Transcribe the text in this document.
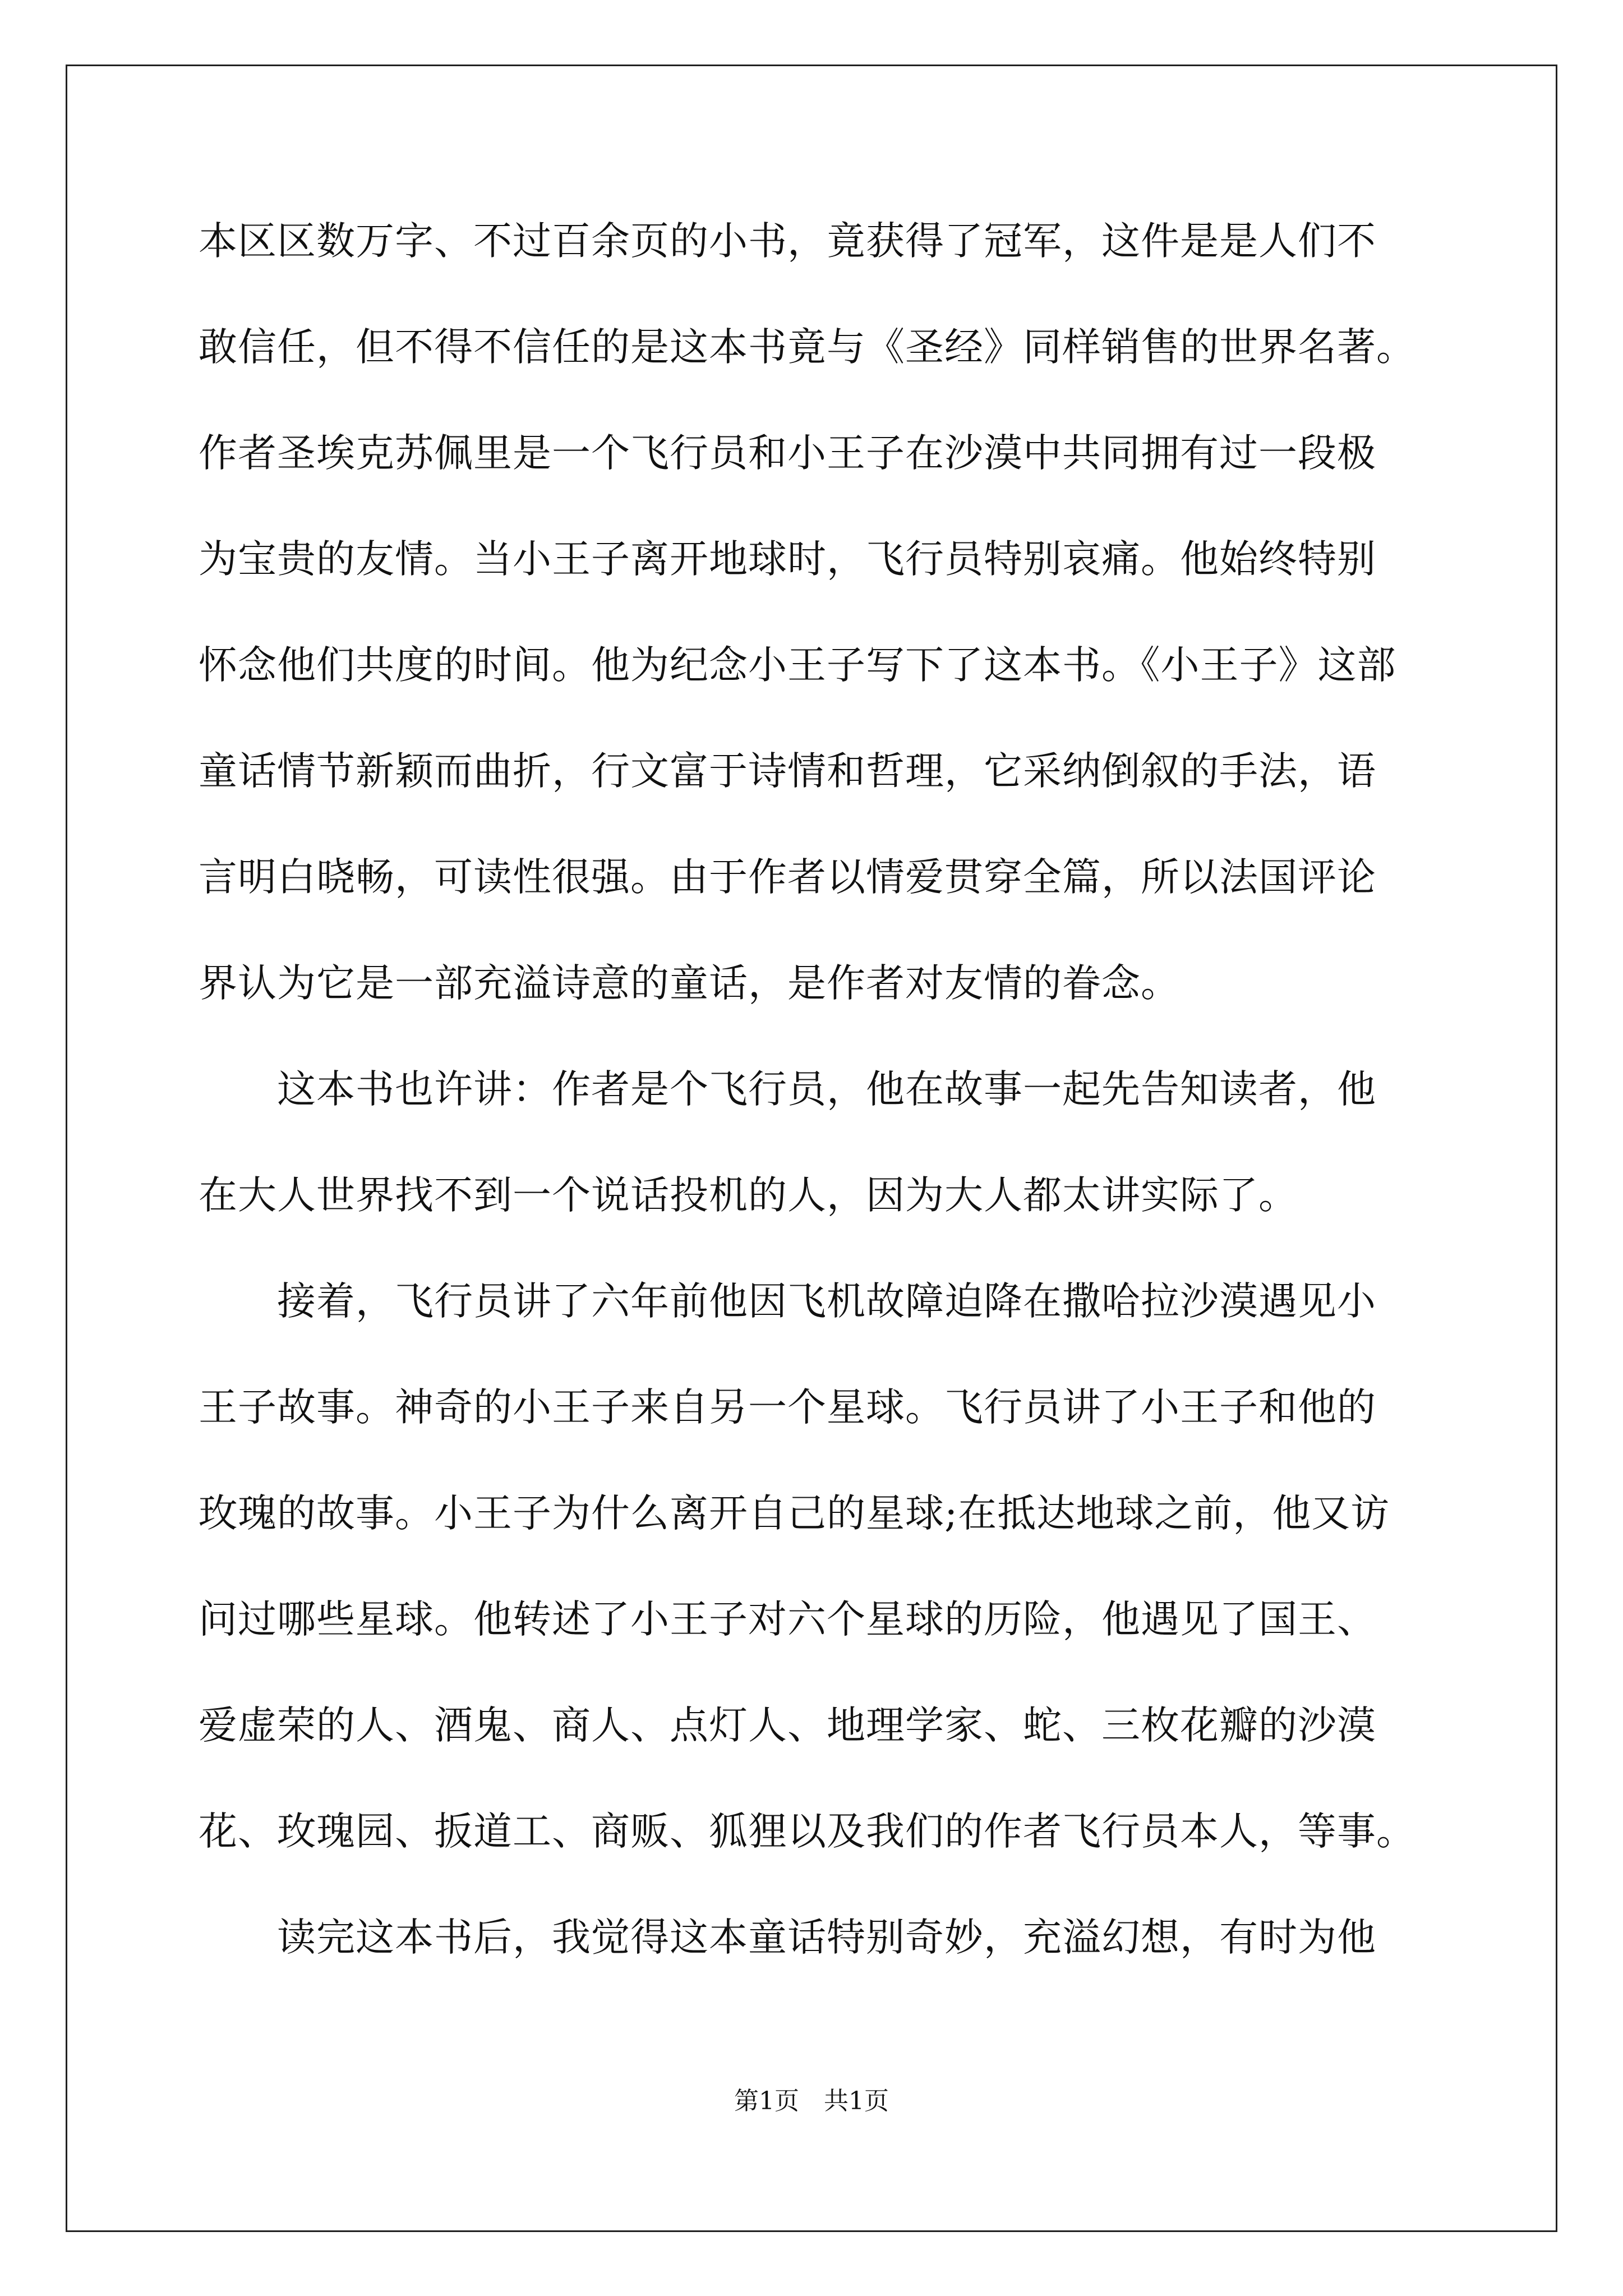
本区区数万字、不过百余页的小书，竟获得了冠军，这件是是人们不
敢信任，但不得不信任的是这本书竟与《圣经》同样销售的世界名著。
作者圣埃克苏佩里是一个飞行员和小王子在沙漠中共同拥有过一段极
为宝贵的友情。当小王子离开地球时，飞行员特别哀痛。他始终特别
怀念他们共度的时间。他为纪念小王子写下了这本书。《小王子》这部
童话情节新颖而曲折，行文富于诗情和哲理，它采纳倒叙的手法，语
言明白晓畅，可读性很强。由于作者以情爱贯穿全篇，所以法国评论
界认为它是一部充溢诗意的童话，是作者对友情的眷念。
这本书也许讲：作者是个飞行员，他在故事一起先告知读者，他
在大人世界找不到一个说话投机的人，因为大人都太讲实际了。
接着，飞行员讲了六年前他因飞机故障迫降在撒哈拉沙漠遇见小
王子故事。神奇的小王子来自另一个星球。飞行员讲了小王子和他的
玫瑰的故事。小王子为什么离开自己的星球;在抵达地球之前，他又访
问过哪些星球。他转述了小王子对六个星球的历险，他遇见了国王、
爱虚荣的人、酒鬼、商人、点灯人、地理学家、蛇、三枚花瓣的沙漠
花、玫瑰园、扳道工、商贩、狐狸以及我们的作者飞行员本人，等事。
读完这本书后，我觉得这本童话特别奇妙，充溢幻想，有时为他
第1页　共1页
